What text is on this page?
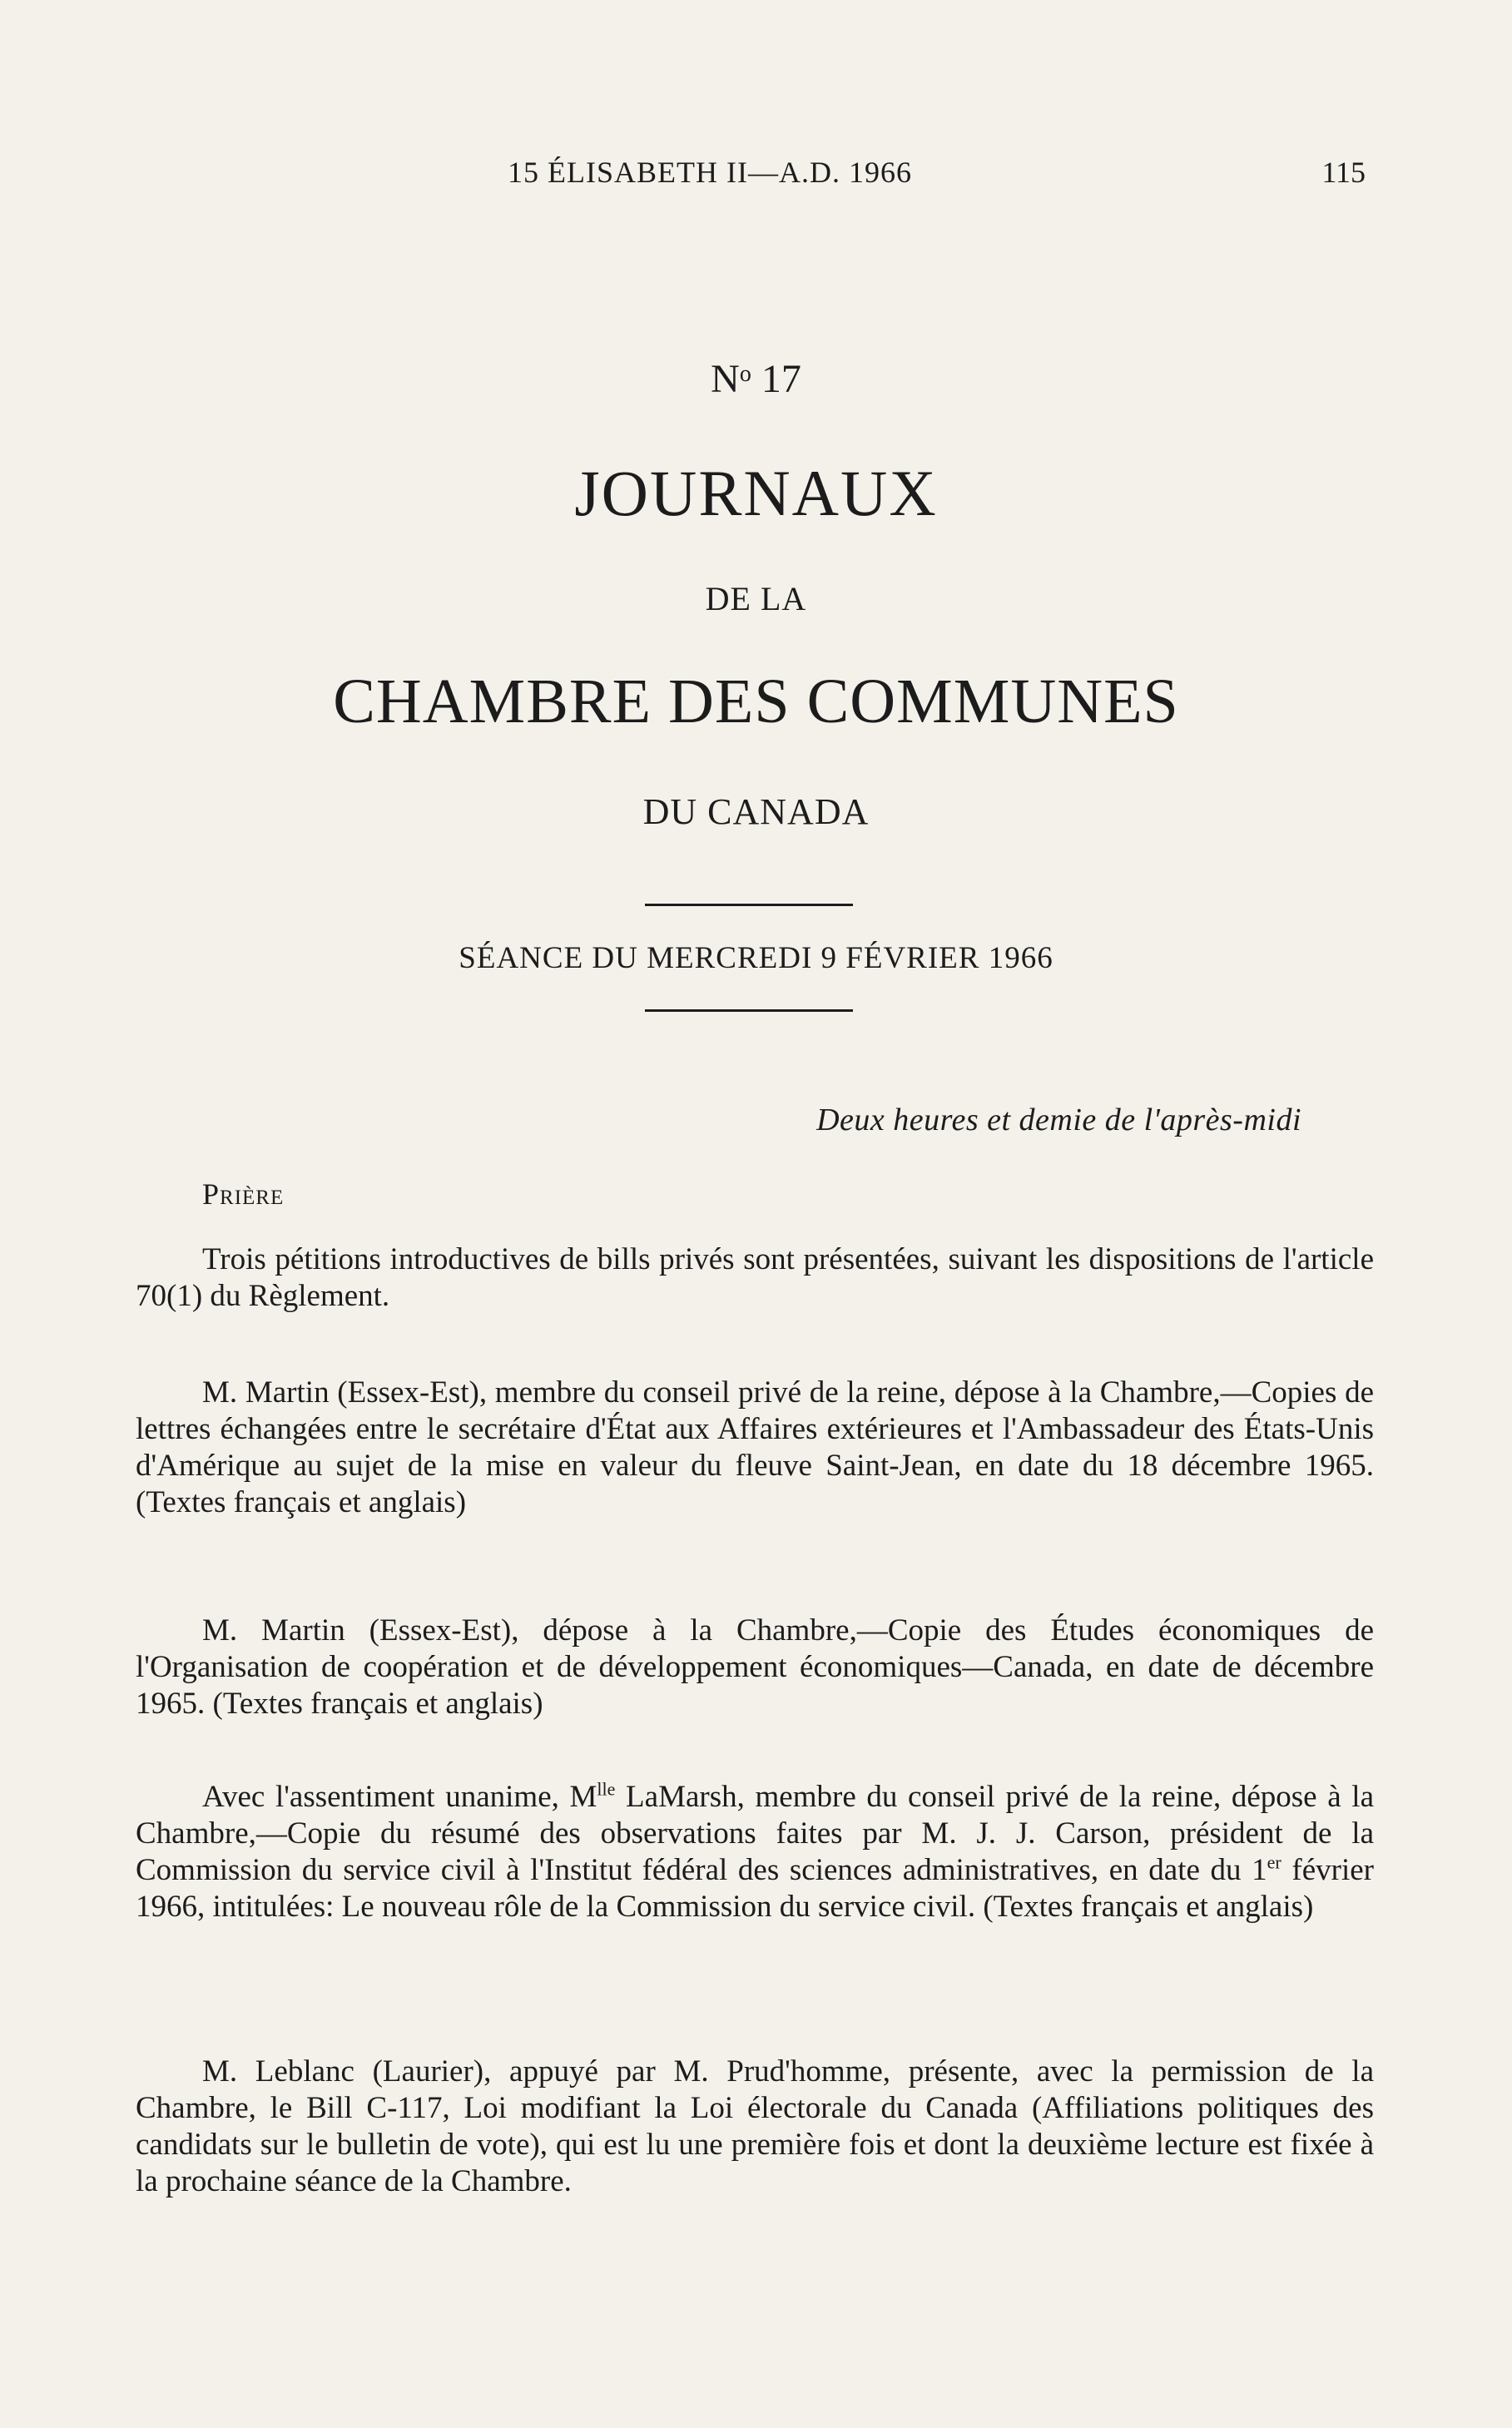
15 ÉLISABETH II—A.D. 1966	115
$N^o$ 17
JOURNAUX
DE LA
CHAMBRE DES COMMUNES
DU CANADA
SÉANCE DU MERCREDI 9 FÉVRIER 1966
Deux heures et demie de l'après-midi
Prière

Trois pétitions introductives de bills privés sont présentées, suivant les dispositions de l'article 70(1) du Règlement.

M. Martin (Essex-Est), membre du conseil privé de la reine, dépose à la Chambre,—Copies de lettres échangées entre le secrétaire d'État aux Affaires extérieures et l'Ambassadeur des États-Unis d'Amérique au sujet de la mise en valeur du fleuve Saint-Jean, en date du 18 décembre 1965. (Textes français et anglais)

M. Martin (Essex-Est), dépose à la Chambre,—Copie des Études économiques de l'Organisation de coopération et de développement économiques—Canada, en date de décembre 1965. (Textes français et anglais)

Avec l'assentiment unanime, $M^{lle}$ LaMarsh, membre du conseil privé de la reine, dépose à la Chambre,—Copie du résumé des observations faites par M. J. J. Carson, président de la Commission du service civil à l'Institut fédéral des sciences administratives, en date du 1er février 1966, intitulées: Le nouveau rôle de la Commission du service civil. (Textes français et anglais)

M. Leblanc (Laurier), appuyé par M. Prud'homme, présente, avec la permission de la Chambre, le Bill C-117, Loi modifiant la Loi électorale du Canada (Affiliations politiques des candidats sur le bulletin de vote), qui est lu une première fois et dont la deuxième lecture est fixée à la prochaine séance de la Chambre.
